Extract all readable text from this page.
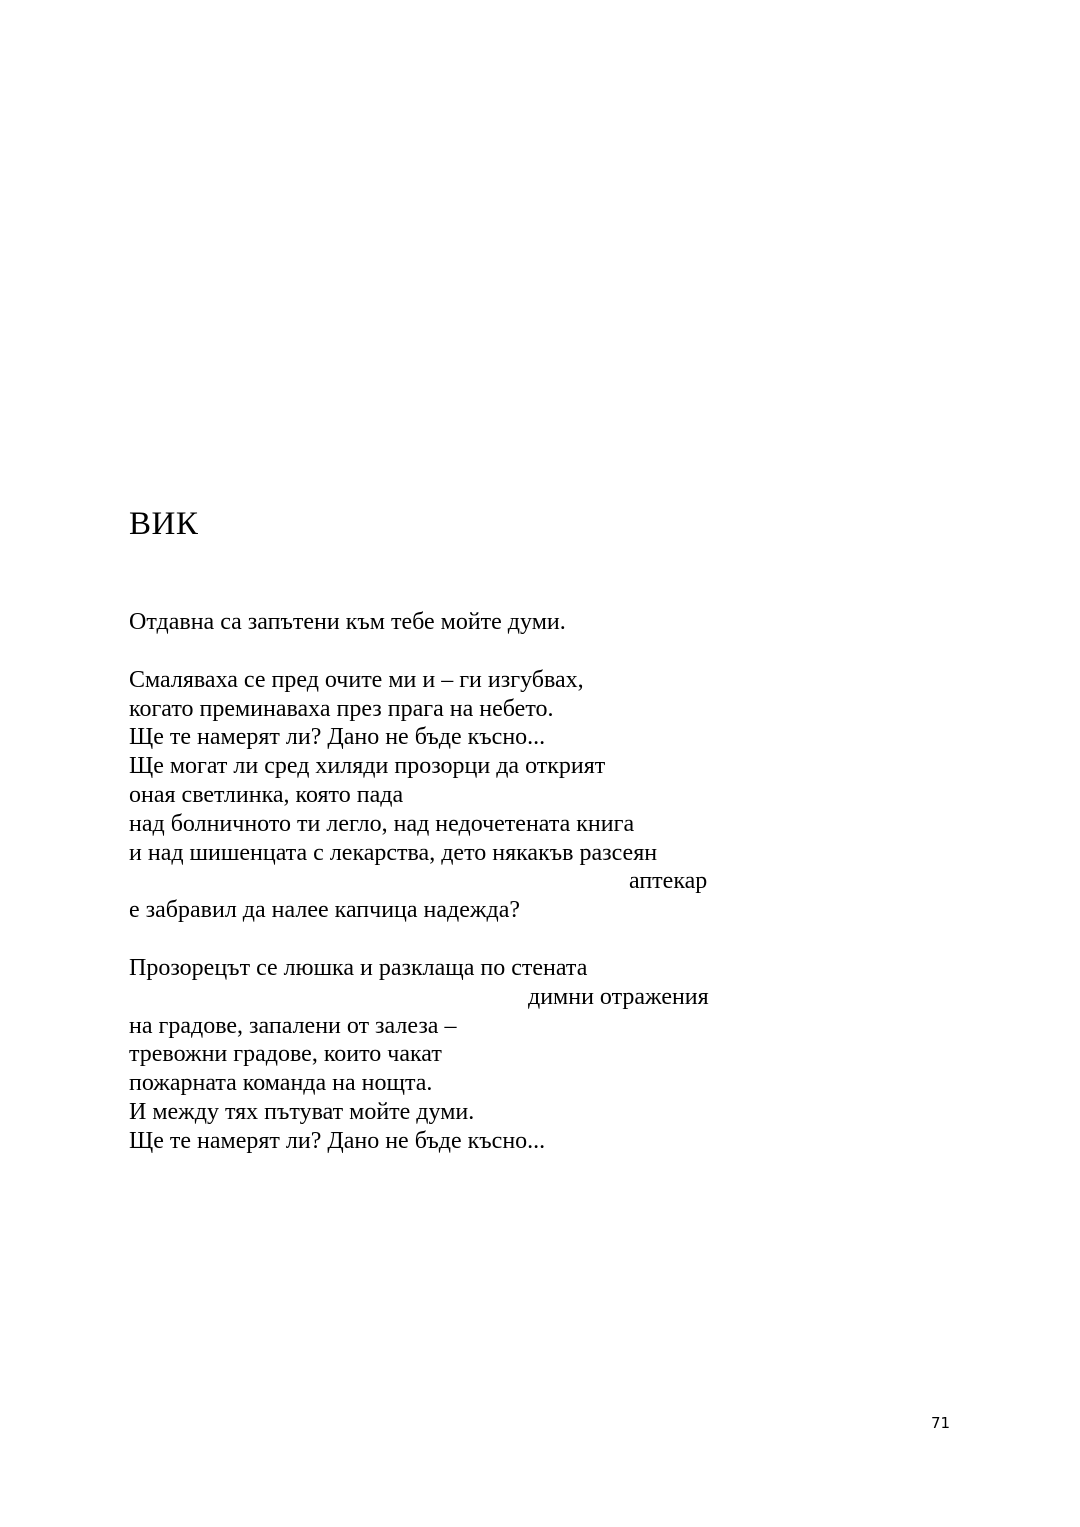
ВИК
Отдавна са запътени към тебе мойте думи.
Смаляваха се пред очите ми и – ги изгубвах,
когато преминаваха през прага на небето.
Ще те намерят ли? Дано не бъде късно...
Ще могат ли сред хиляди прозорци да открият
оная светлинка, която пада
над болничното ти легло, над недочетената книга
и над шишенцата с лекарства, дето някакъв разсеян
аптекар
е забравил да налее капчица надежда?
Прозорецът се люшка и разклаща по стената
димни отражения
на градове, запалени от залеза –
тревожни градове, които чакат
пожарната команда на нощта.
И между тях пътуват мойте думи.
Ще те намерят ли? Дано не бъде късно...
71
